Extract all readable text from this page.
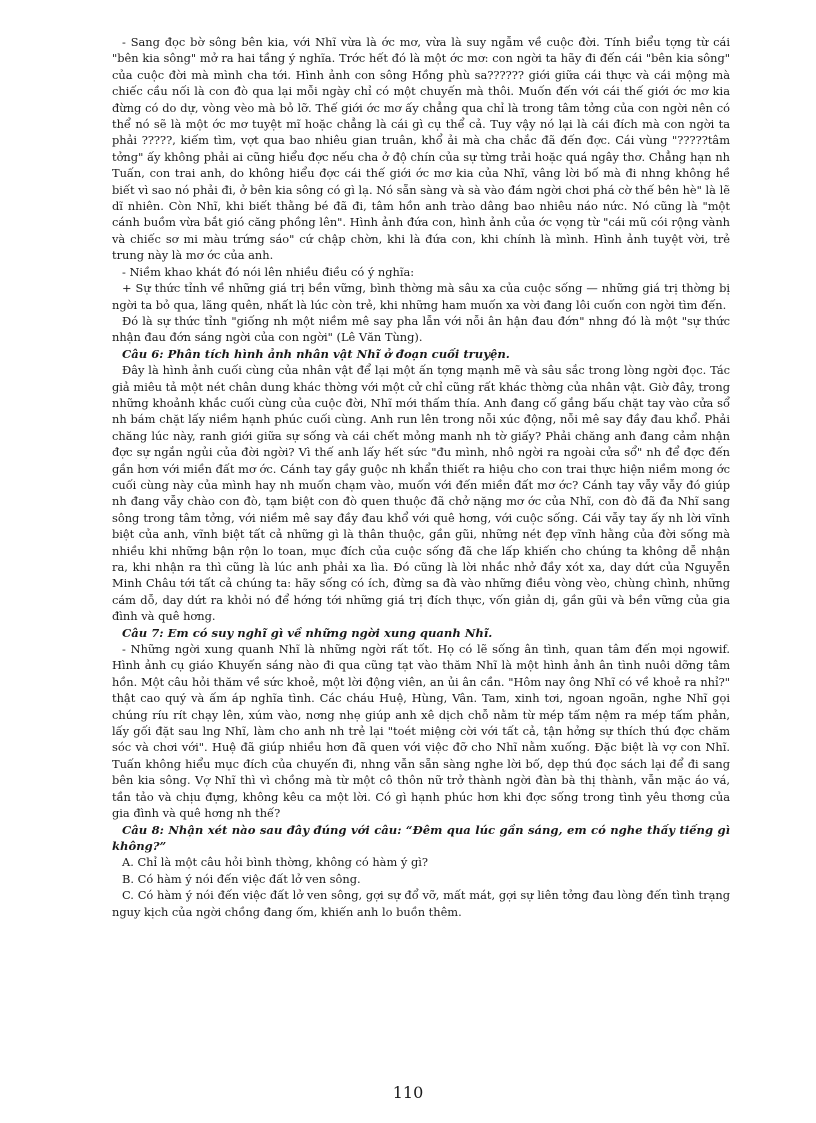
- Sang đọc bờ sông bên kia, với Nhĩ vừa là ớc mơ, vừa là suy ngẫm về cuộc đời. Tính biểu tợng từ cái "bên kia sông" mở ra hai tầng ý nghĩa. Trớc hết đó là một ớc mơ: con ngời ta hãy đi đến cái "bên kia sông" của cuộc đời mà mình cha tới. Hình ảnh con sông Hồng phù sa?????? giới giữa cái thực và cái mộng mà chiếc cầu nối là con đò qua lại mỗi ngày chỉ có một chuyến mà thôi. Muốn đến với cái thế giới ớc mơ kia đừng có do dự, vòng vèo mà bỏ lỡ. Thế giới ớc mơ ấy chẳng qua chỉ là trong tâm tởng của con ngời nên có thể nó sẽ là một ớc mơ tuyệt mĩ hoặc chẳng là cái gì cụ thể cả. Tuy vậy nó lại là cái đích mà con ngời ta phải ?????, kiếm tìm, vợt qua bao nhiêu gian truân, khổ ải mà cha chắc đã đến đợc. Cái vùng "?????tâm tởng" ấy không phải ai cũng hiểu đợc nếu cha ở độ chín của sự từng trải hoặc quá ngây thơ. Chẳng hạn nh Tuấn, con trai anh, do không hiểu đợc cái thế giới ớc mơ kia của Nhĩ, vâng lời bố mà đi nhng không hề biết vì sao nó phải đi, ở bên kia sông có gì lạ. Nó sẵn sàng và sà vào đám ngời chơi phá cờ thế bên hè" là lẽ dĩ nhiên. Còn Nhĩ, khi biết thằng bé đã đi, tâm hồn anh trào dâng bao nhiêu náo nức. Nó cũng là "một cánh buồm vừa bắt gió căng phồng lên". Hình ảnh đứa con, hình ảnh của ớc vọng từ "cái mũ cói rộng vành và chiếc sơ mi màu trứng sáo" cứ chập chờn, khi là đứa con, khi chính là mình. Hình ảnh tuyệt vời, trẻ trung này là mơ ớc của anh.

- Niềm khao khát đó nói lên nhiều điều có ý nghĩa:

+ Sự thức tỉnh về những giá trị bền vững, bình thờng mà sâu xa của cuộc sống — những giá trị thờng bị ngời ta bỏ qua, lãng quên, nhất là lúc còn trẻ, khi những ham muốn xa vời đang lôi cuốn con ngời tìm đến.

Đó là sự thức tỉnh "giống nh một niềm mê say pha lẫn với nỗi ân hận đau đớn" nhng đó là một "sự thức nhận đau đớn sáng ngời của con ngời" (Lê Văn Tùng).

Câu 6: Phân tích hình ảnh nhân vật Nhĩ ở đoạn cuối truyện.

Đây là hình ảnh cuối cùng của nhân vật để lại một ấn tợng mạnh mẽ và sâu sắc trong lòng ngời đọc. Tác giả miêu tả một nét chân dung khác thờng với một cử chỉ cũng rất khác thờng của nhân vật. Giờ đây, trong những khoảnh khắc cuối cùng của cuộc đời, Nhĩ mới thấm thía. Anh đang cố gắng bấu chặt tay vào cửa sổ nh bám chặt lấy niềm hạnh phúc cuối cùng. Anh run lên trong nỗi xúc động, nỗi mê say đầy đau khổ. Phải chăng lúc này, ranh giới giữa sự sống và cái chết mỏng manh nh tờ giấy? Phải chăng anh đang cảm nhận đợc sự ngắn ngủi của đời ngời? Vì thế anh lấy hết sức "đu mình, nhô ngời ra ngoài cửa sổ" nh để đợc đến gần hơn với miền đất mơ ớc. Cánh tay gầy guộc nh khẩn thiết ra hiệu cho con trai thực hiện niềm mong ớc cuối cùng này của mình hay nh muốn chạm vào, muốn với đến miền đất mơ ớc? Cánh tay vẫy vẫy đó giúp nh đang vẫy chào con đò, tạm biệt con đò quen thuộc đã chở nặng mơ ớc của Nhĩ, con đò đã đa Nhĩ sang sông trong tâm tởng, với niềm mê say đầy đau khổ với quê hơng, với cuộc sống. Cái vẫy tay ấy nh lời vĩnh biệt của anh, vĩnh biệt tất cả những gì là thân thuộc, gần gũi, những nét đẹp vĩnh hằng của đời sống mà nhiều khi những bận rộn lo toan, mục đích của cuộc sống đã che lấp khiến cho chúng ta không dễ nhận ra, khi nhận ra thì cũng là lúc anh phải xa lìa. Đó cũng là lời nhắc nhở đầy xót xa, day dứt của Nguyễn Minh Châu tới tất cả chúng ta: hãy sống có ích, đừng sa đà vào những điều vòng vèo, chùng chình, những cám dỗ, day dứt ra khỏi nó để hớng tới những giá trị đích thực, vốn giản dị, gần gũi và bền vững của gia đình và quê hơng.

Câu 7: Em có suy nghĩ gì về những ngời xung quanh Nhĩ.

- Những ngời xung quanh Nhĩ là những ngời rất tốt. Họ có lẽ sống ân tình, quan tâm đến mọi ngowif. Hình ảnh cụ giáo Khuyến sáng nào đi qua cũng tạt vào thăm Nhĩ là một hình ảnh ân tình nuôi dỡng tâm hồn. Một câu hỏi thăm về sức khoẻ, một lời động viên, an ủi ân cần. "Hôm nay ông Nhĩ có về khoẻ ra nhỉ?" thật cao quý và ấm áp nghĩa tình. Các cháu Huệ, Hùng, Vân. Tam, xinh tơi, ngoan ngoãn, nghe Nhĩ gọi chúng ríu rít chạy lên, xúm vào, nơng nhẹ giúp anh xê dịch chỗ nằm từ mép tấm nệm ra mép tấm phản, lấy gối đặt sau lng Nhĩ, làm cho anh nh trẻ lại "toét miệng cời với tất cả, tận hởng sự thích thú đợc chăm sóc và chơi với". Huệ đã giúp nhiều hơn đã quen với việc đỡ cho Nhĩ nằm xuống. Đặc biệt là vợ con Nhĩ. Tuấn không hiểu mục đích của chuyến đi, nhng vẫn sẵn sàng nghe lời bố, dẹp thú đọc sách lại để đi sang bên kia sông. Vợ Nhĩ thì vì chồng mà từ một cô thôn nữ trở thành ngời đàn bà thị thành, vẫn mặc áo vá, tần tảo và chịu đựng, không kêu ca một lời. Có gì hạnh phúc hơn khi đợc sống trong tình yêu thơng của gia đình và quê hơng nh thế?

Câu 8: Nhận xét nào sau đây đúng với câu: “Đêm qua lúc gần sáng, em có nghe thấy tiếng gì không?”

A. Chỉ là một câu hỏi bình thờng, không có hàm ý gì?

B. Có hàm ý nói đến việc đất lở ven sông.

C. Có hàm ý nói đến việc đất lở ven sông, gợi sự đổ vỡ, mất mát, gợi sự liên tởng đau lòng đến tình trạng nguy kịch của ngời chồng đang ốm, khiến anh lo buồn thêm.

110
